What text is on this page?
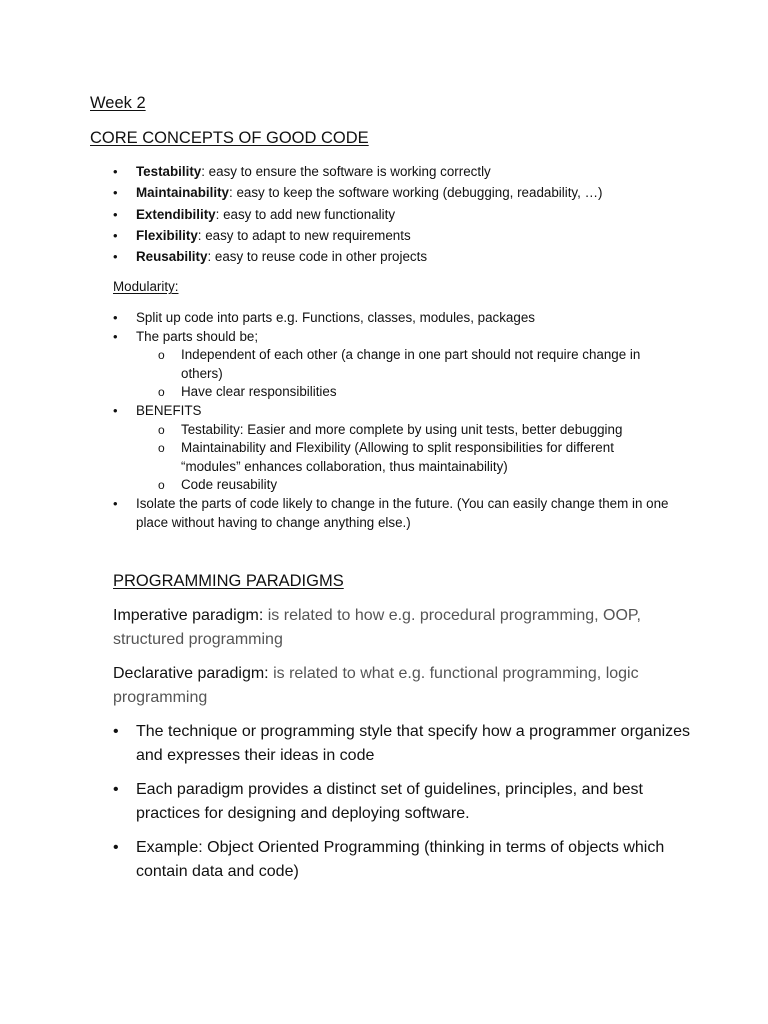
Week 2
CORE CONCEPTS OF GOOD CODE
• Testability: easy to ensure the software is working correctly
• Maintainability: easy to keep the software working (debugging, readability, …)
• Extendibility: easy to add new functionality
• Flexibility: easy to adapt to new requirements
• Reusability: easy to reuse code in other projects

Modularity:

• Split up code into parts e.g. Functions, classes, modules, packages
• The parts should be;
o Independent of each other (a change in one part should not require change in others)
o Have clear responsibilities
• BENEFITS
o Testability: Easier and more complete by using unit tests, better debugging
o Maintainability and Flexibility (Allowing to split responsibilities for different “modules” enhances collaboration, thus maintainability)
o Code reusability
• Isolate the parts of code likely to change in the future. (You can easily change them in one place without having to change anything else.)
PROGRAMMING PARADIGMS

Imperative paradigm: is related to how e.g. procedural programming, OOP, structured programming

Declarative paradigm: is related to what e.g. functional programming, logic programming

• The technique or programming style that specify how a programmer organizes and expresses their ideas in code
• Each paradigm provides a distinct set of guidelines, principles, and best practices for designing and deploying software.
• Example: Object Oriented Programming (thinking in terms of objects which contain data and code)
